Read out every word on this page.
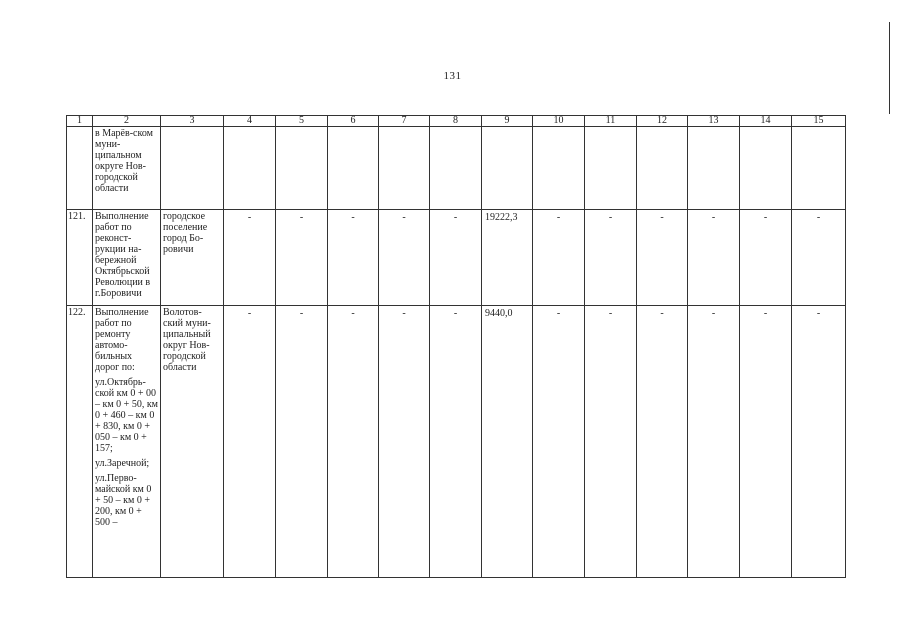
131
1	2	3	4	5	6	7	8	9	10	11	12	13	14	15
	в Марёв-ском муни-ципальном округе Нов-городской области													
121.	Выполнение работ по реконст-рукции на-бережной Октябрьской Революции в г.Боровичи	городское поселение город Бо-ровичи	-	-	-	-	-	19222,3	-	-	-	-	-	-
122.	Выполнение работ по ремонту автомо-бильных дорог по:
ул.Октябрь-ской км 0 + 00 – км 0 + 50, км 0 + 460 – км 0 + 830, км 0 + 050 – км 0 + 157;
ул.Заречной;
ул.Перво-майской км 0 + 50 – км 0 + 200, км 0 + 500 –	Волотов-ский муни-ципальный округ Нов-городской области	-	-	-	-	-	9440,0	-	-	-	-	-	-
